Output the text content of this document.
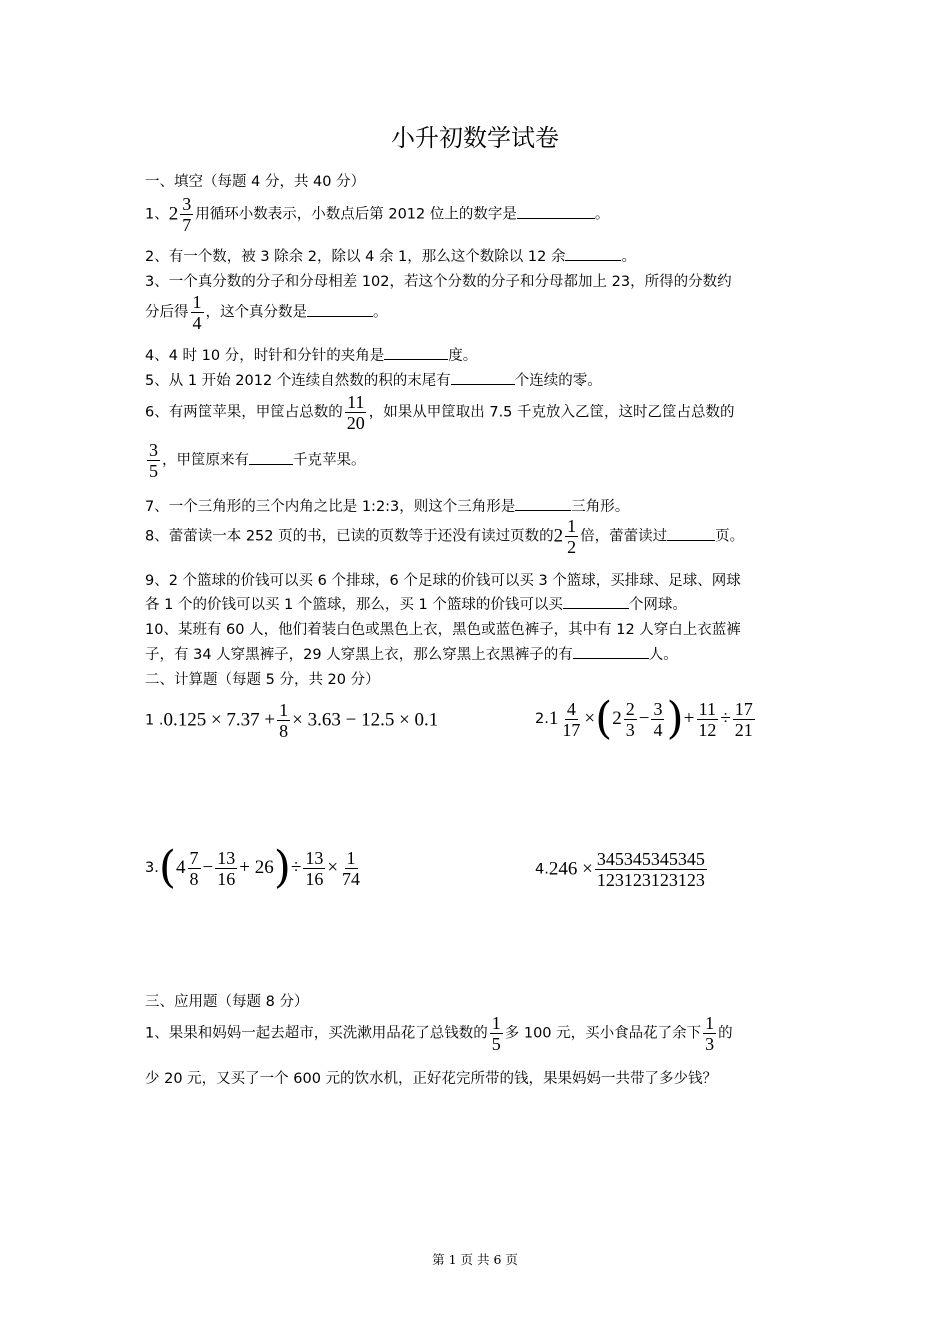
小升初数学试卷
一、填空（每题 4 分，共 40 分）
1、$2 \frac{3}{7}$ 用循环小数表示，小数点后第 2012 位上的数字是	。
2、有一个数，被 3 除余 2，除以 4 余 1，那么这个数除以 12 余	。
3、一个真分数的分子和分母相差 102，若这个分数的分子和分母都加上 23，所得的分数约
分后得 $\frac{1}{4}$ ，这个真分数是	。
4、4 时 10 分，时针和分针的夹角是	度。
5、从 1 开始 2012 个连续自然数的积的末尾有	个连续的零。
6、有两筐苹果，甲筐占总数的 $\frac{11}{20}$ ，如果从甲筐取出 7.5 千克放入乙筐，这时乙筐占总数的
$\frac{3}{5}$ ，甲筐原来有	千克苹果。
7、一个三角形的三个内角之比是 1:2:3，则这个三角形是	三角形。
8、蕾蕾读一本 252 页的书，已读的页数等于还没有读过页数的$2 \frac{1}{2}$ 倍，蕾蕾读过	页。
9、2 个篮球的价钱可以买 6 个排球，6 个足球的价钱可以买 3 个篮球，买排球、足球、网球
各 1 个的价钱可以买 1 个篮球，那么，买 1 个篮球的价钱可以买	个网球。
10、某班有 60 人，他们着装白色或黑色上衣，黑色或蓝色裤子，其中有 12 人穿白上衣蓝裤
子，有 34 人穿黑裤子，29 人穿黑上衣，那么穿黑上衣黑裤子的有	人。
二、计算题（每题 5 分，共 20 分）
1 $.0.125 \times 7.37 + \frac{1}{8} \times 3.63 - 12.5 \times 0.1$	$2.1 \frac{4}{17} \times(2 \frac{2}{3} - \frac{3}{4}$ )+ $\frac{11}{12} \div \frac{17}{21}$
$3.(4 \frac{7}{8} - \frac{13}{16} + 26)\div \frac{13}{16} \times \frac{1}{74}$	$4.246 \times \frac{345345345345}{123123123123}$
三、应用题（每题 8 分）
1、果果和妈妈一起去超市，买洗漱用品花了总钱数的 $\frac{1}{5}$ 多 100 元，买小食品花了余下 $\frac{1}{3}$ 的
少 20 元，又买了一个 600 元的饮水机，正好花完所带的钱，果果妈妈一共带了多少钱？
第 1 页 共 6 页
